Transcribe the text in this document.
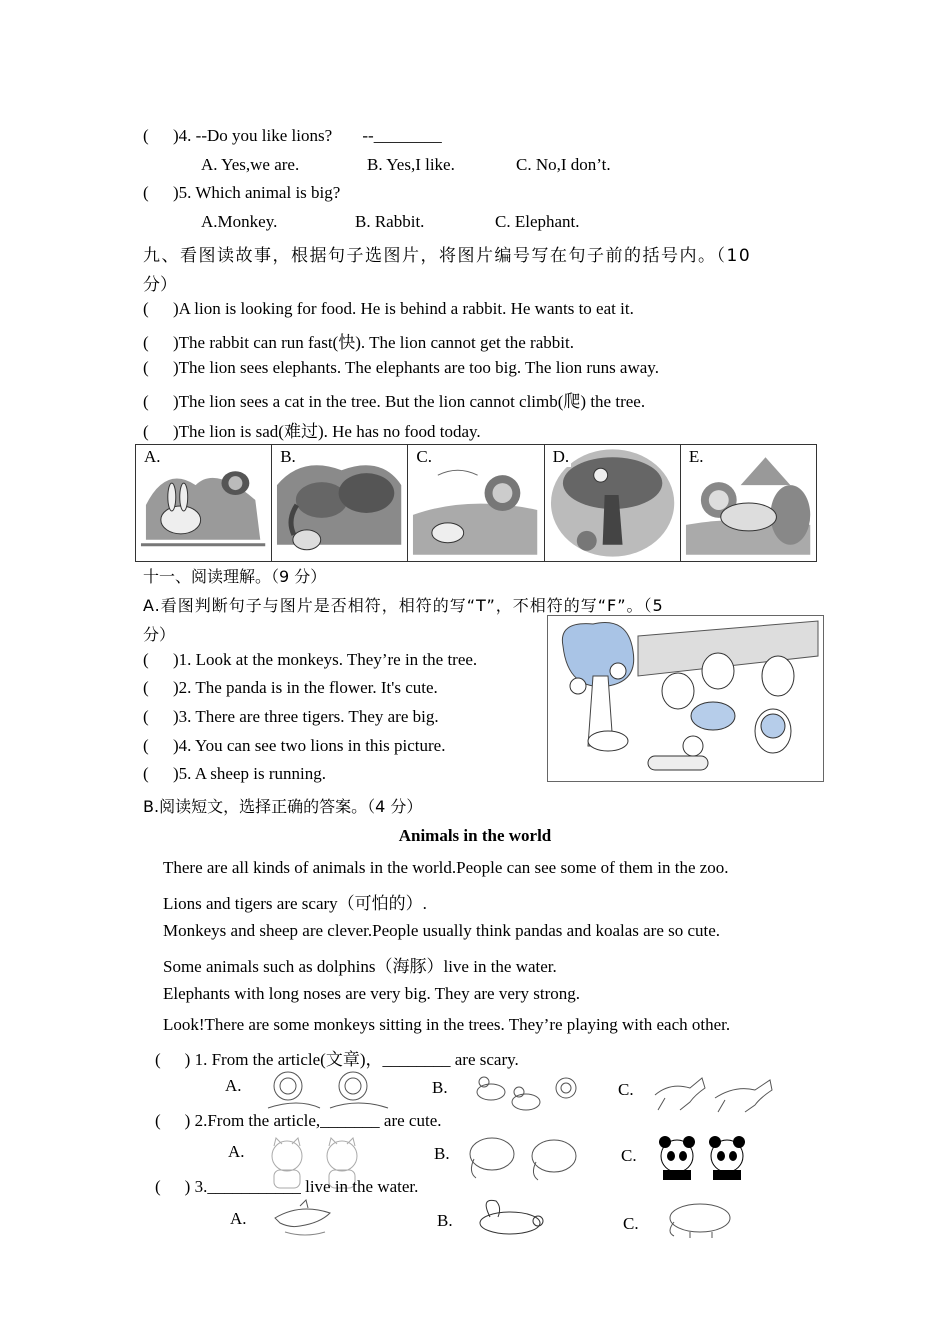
( )4. --Do you like lions? --________
A. Yes,we are.	B. Yes,I like.	C. No,I don’t.
( )5. Which animal is big?
A.Monkey.	B. Rabbit.	C. Elephant.
九、看图读故事，根据句子选图片，将图片编号写在句子前的括号内。（10
分）
( )A lion is looking for food. He is behind a rabbit. He wants to eat it.
( )The rabbit can run fast(快). The lion cannot get the rabbit.
( )The lion sees elephants. The elephants are too big. The lion runs away.
( )The lion sees a cat in the tree. But the lion cannot climb(爬) the tree.
( )The lion is sad(难过). He has no food today.
A.	B.	C.	D.	E.
十一、阅读理解。（9 分）
A.看图判断句子与图片是否相符，相符的写“T”，不相符的写“F”。（5
分）
( )1. Look at the monkeys. They’re in the tree.
( )2. The panda is in the flower. It's cute.
( )3. There are three tigers. They are big.
( )4. You can see two lions in this picture.
( )5. A sheep is running.
B.阅读短文，选择正确的答案。（4 分）
Animals in the world
There are all kinds of animals in the world.People can see some of them in the zoo.
Lions and tigers are scary（可怕的）.
Monkeys and sheep are clever.People usually think pandas and koalas are so cute.
Some animals such as dolphins（海豚）live in the water.
Elephants with long noses are very big. They are very strong.
Look!There are some monkeys sitting in the trees. They’re playing with each other.
( ) 1. From the article(文章)，________ are scary.
A.	B.	C.
( ) 2.From the article,_______ are cute.
A.	B.	C.
( ) 3.___________ live in the water.
A.	B.	C.
